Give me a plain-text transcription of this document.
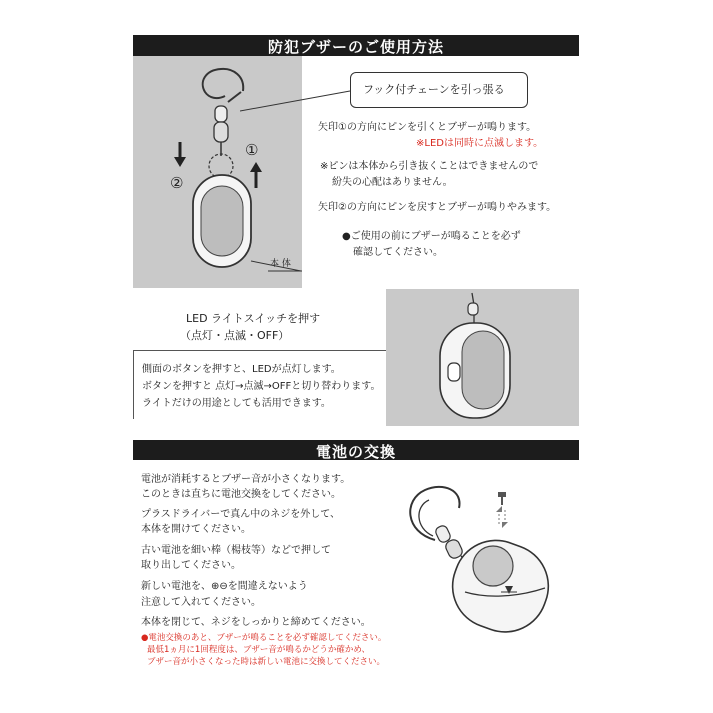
防犯ブザーのご使用方法
①
②
本 体
フック付チェーンを引っ張る
矢印①の方向にピンを引くとブザーが鳴ります。
※LEDは同時に点滅します。
※ピンは本体から引き抜くことはできませんので
紛失の心配はありません。
矢印②の方向にピンを戻すとブザーが鳴りやみます。
●ご使用の前にブザーが鳴ることを必ず
確認してください。
LED ライトスイッチを押す
（点灯・点滅・OFF）
側面のボタンを押すと、LEDが点灯します。
ボタンを押すと 点灯→点滅→OFFと切り替わります。
ライトだけの用途としても活用できます。
電池の交換
電池が消耗するとブザー音が小さくなります。
このときは直ちに電池交換をしてください。
プラスドライバーで真ん中のネジを外して、
本体を開けてください。
古い電池を細い棒（楊枝等）などで押して
取り出してください。
新しい電池を、⊕⊖を間違えないよう
注意して入れてください。
本体を閉じて、ネジをしっかりと締めてください。
●電池交換のあと、ブザーが鳴ることを必ず確認してください。
最低1ヵ月に1回程度は、ブザー音が鳴るかどうか確かめ、
ブザー音が小さくなった時は新しい電池に交換してください。
